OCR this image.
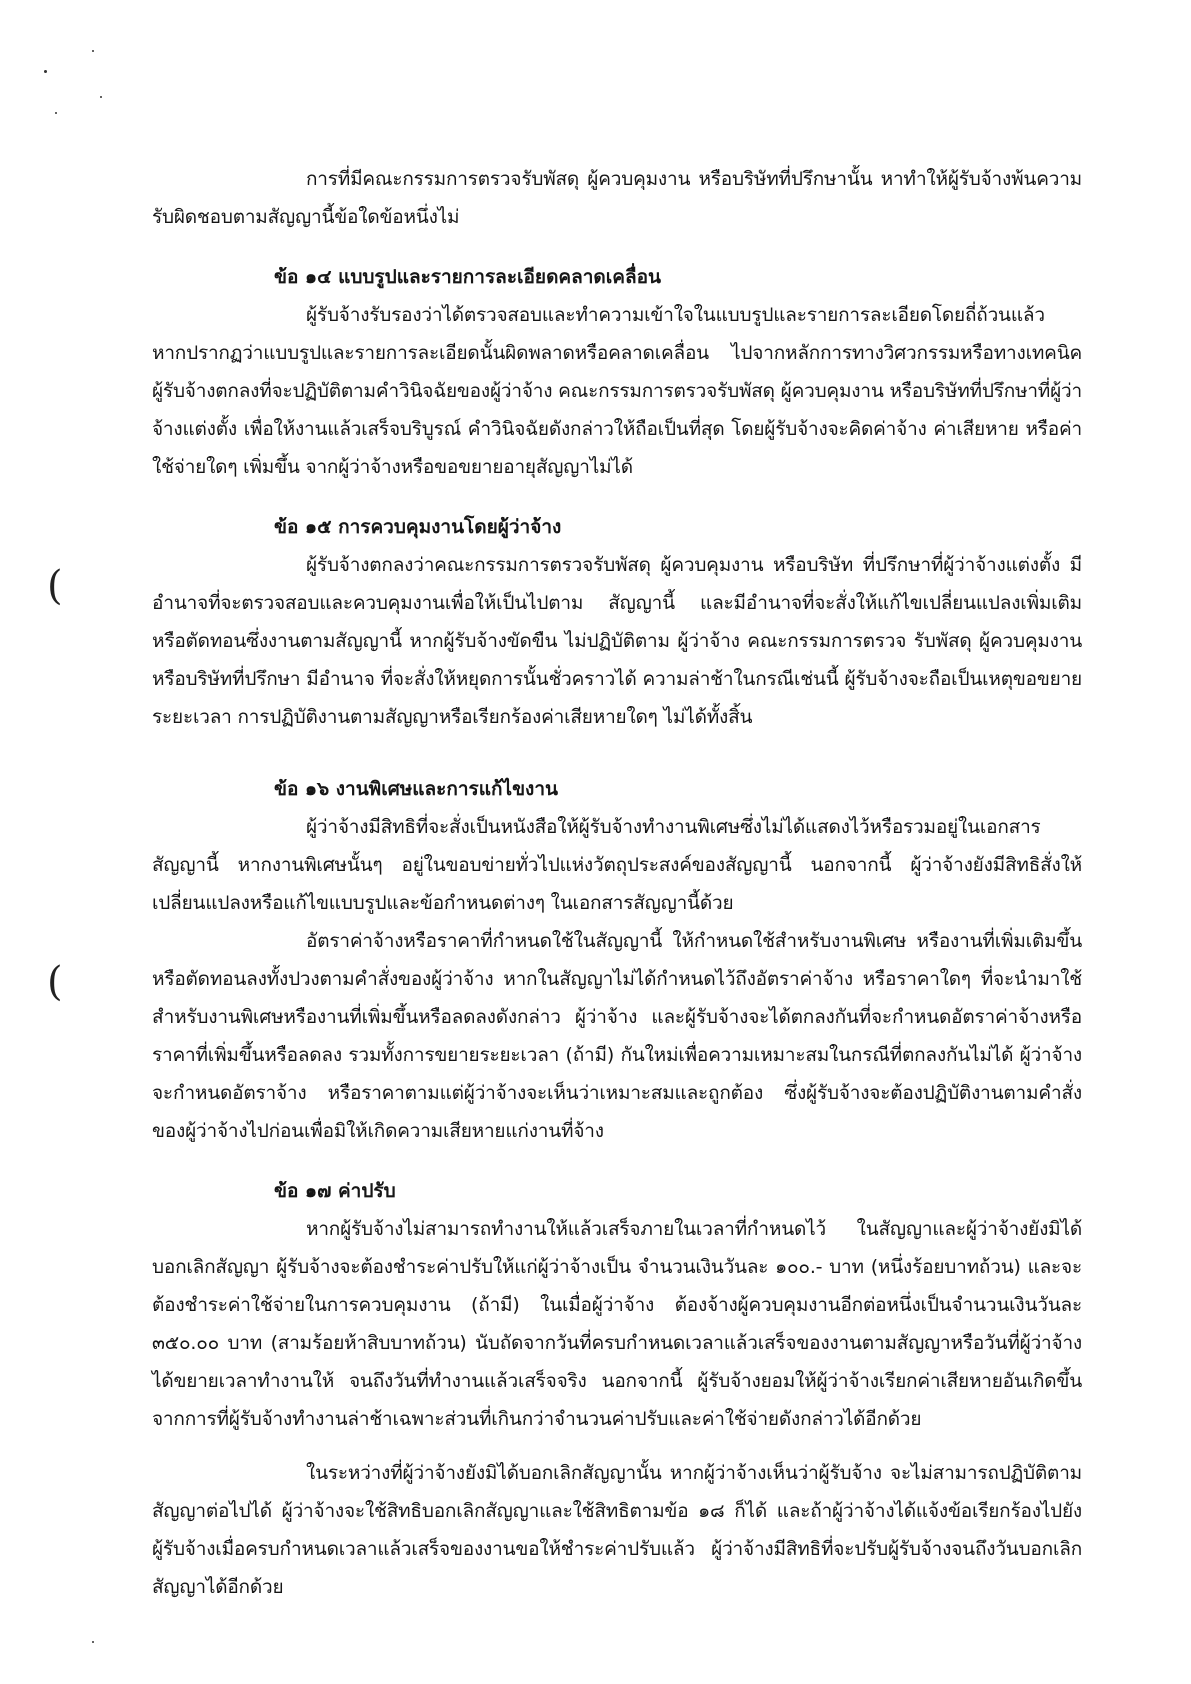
(
(

การที่มีคณะกรรมการตรวจรับพัสดุ ผู้ควบคุมงาน หรือบริษัทที่ปรึกษานั้น หาทำให้ผู้รับจ้างพ้นความรับผิดชอบตามสัญญานี้ข้อใดข้อหนึ่งไม่

ข้อ ๑๔ แบบรูปและรายการละเอียดคลาดเคลื่อน

ผู้รับจ้างรับรองว่าได้ตรวจสอบและทำความเข้าใจในแบบรูปและรายการละเอียดโดยถี่ถ้วนแล้ว หากปรากฏว่าแบบรูปและรายการละเอียดนั้นผิดพลาดหรือคลาดเคลื่อน ไปจากหลักการทางวิศวกรรมหรือทางเทคนิค ผู้รับจ้างตกลงที่จะปฏิบัติตามคำวินิจฉัยของผู้ว่าจ้าง คณะกรรมการตรวจรับพัสดุ ผู้ควบคุมงาน หรือบริษัทที่ปรึกษาที่ผู้ว่าจ้างแต่งตั้ง เพื่อให้งานแล้วเสร็จบริบูรณ์ คำวินิจฉัยดังกล่าวให้ถือเป็นที่สุด โดยผู้รับจ้างจะคิดค่าจ้าง ค่าเสียหาย หรือค่าใช้จ่ายใดๆ เพิ่มขึ้น จากผู้ว่าจ้างหรือขอขยายอายุสัญญาไม่ได้

ข้อ ๑๕ การควบคุมงานโดยผู้ว่าจ้าง

ผู้รับจ้างตกลงว่าคณะกรรมการตรวจรับพัสดุ ผู้ควบคุมงาน หรือบริษัท ที่ปรึกษาที่ผู้ว่าจ้างแต่งตั้ง มีอำนาจที่จะตรวจสอบและควบคุมงานเพื่อให้เป็นไปตาม สัญญานี้ และมีอำนาจที่จะสั่งให้แก้ไขเปลี่ยนแปลงเพิ่มเติม หรือตัดทอนซึ่งงานตามสัญญานี้ หากผู้รับจ้างขัดขืน ไม่ปฏิบัติตาม ผู้ว่าจ้าง คณะกรรมการตรวจ รับพัสดุ ผู้ควบคุมงาน หรือบริษัทที่ปรึกษา มีอำนาจ ที่จะสั่งให้หยุดการนั้นชั่วคราวได้ ความล่าช้าในกรณีเช่นนี้ ผู้รับจ้างจะถือเป็นเหตุขอขยายระยะเวลา การปฏิบัติงานตามสัญญาหรือเรียกร้องค่าเสียหายใดๆ ไม่ได้ทั้งสิ้น

ข้อ ๑๖ งานพิเศษและการแก้ไขงาน

ผู้ว่าจ้างมีสิทธิที่จะสั่งเป็นหนังสือให้ผู้รับจ้างทำงานพิเศษซึ่งไม่ได้แสดงไว้หรือรวมอยู่ในเอกสารสัญญานี้ หากงานพิเศษนั้นๆ อยู่ในขอบข่ายทั่วไปแห่งวัตถุประสงค์ของสัญญานี้ นอกจากนี้ ผู้ว่าจ้างยังมีสิทธิสั่งให้เปลี่ยนแปลงหรือแก้ไขแบบรูปและข้อกำหนดต่างๆ ในเอกสารสัญญานี้ด้วย

อัตราค่าจ้างหรือราคาที่กำหนดใช้ในสัญญานี้ ให้กำหนดใช้สำหรับงานพิเศษ หรืองานที่เพิ่มเติมขึ้น หรือตัดทอนลงทั้งปวงตามคำสั่งของผู้ว่าจ้าง หากในสัญญาไม่ได้กำหนดไว้ถึงอัตราค่าจ้าง หรือราคาใดๆ ที่จะนำมาใช้สำหรับงานพิเศษหรืองานที่เพิ่มขึ้นหรือลดลงดังกล่าว ผู้ว่าจ้าง และผู้รับจ้างจะได้ตกลงกันที่จะกำหนดอัตราค่าจ้างหรือราคาที่เพิ่มขึ้นหรือลดลง รวมทั้งการขยายระยะเวลา (ถ้ามี) กันใหม่เพื่อความเหมาะสมในกรณีที่ตกลงกันไม่ได้ ผู้ว่าจ้างจะกำหนดอัตราจ้าง หรือราคาตามแต่ผู้ว่าจ้างจะเห็นว่าเหมาะสมและถูกต้อง ซึ่งผู้รับจ้างจะต้องปฏิบัติงานตามคำสั่งของผู้ว่าจ้างไปก่อนเพื่อมิให้เกิดความเสียหายแก่งานที่จ้าง

ข้อ ๑๗ ค่าปรับ

หากผู้รับจ้างไม่สามารถทำงานให้แล้วเสร็จภายในเวลาที่กำหนดไว้ ในสัญญาและผู้ว่าจ้างยังมิได้บอกเลิกสัญญา ผู้รับจ้างจะต้องชำระค่าปรับให้แก่ผู้ว่าจ้างเป็น จำนวนเงินวันละ ๑๐๐.- บาท (หนึ่งร้อยบาทถ้วน) และจะต้องชำระค่าใช้จ่ายในการควบคุมงาน (ถ้ามี) ในเมื่อผู้ว่าจ้าง ต้องจ้างผู้ควบคุมงานอีกต่อหนึ่งเป็นจำนวนเงินวันละ ๓๕๐.๐๐ บาท (สามร้อยห้าสิบบาทถ้วน) นับถัดจากวันที่ครบกำหนดเวลาแล้วเสร็จของงานตามสัญญาหรือวันที่ผู้ว่าจ้างได้ขยายเวลาทำงานให้ จนถึงวันที่ทำงานแล้วเสร็จจริง นอกจากนี้ ผู้รับจ้างยอมให้ผู้ว่าจ้างเรียกค่าเสียหายอันเกิดขึ้นจากการที่ผู้รับจ้างทำงานล่าช้าเฉพาะส่วนที่เกินกว่าจำนวนค่าปรับและค่าใช้จ่ายดังกล่าวได้อีกด้วย

ในระหว่างที่ผู้ว่าจ้างยังมิได้บอกเลิกสัญญานั้น หากผู้ว่าจ้างเห็นว่าผู้รับจ้าง จะไม่สามารถปฏิบัติตามสัญญาต่อไปได้ ผู้ว่าจ้างจะใช้สิทธิบอกเลิกสัญญาและใช้สิทธิตามข้อ ๑๘ ก็ได้ และถ้าผู้ว่าจ้างได้แจ้งข้อเรียกร้องไปยังผู้รับจ้างเมื่อครบกำหนดเวลาแล้วเสร็จของงานขอให้ชำระค่าปรับแล้ว ผู้ว่าจ้างมีสิทธิที่จะปรับผู้รับจ้างจนถึงวันบอกเลิกสัญญาได้อีกด้วย
